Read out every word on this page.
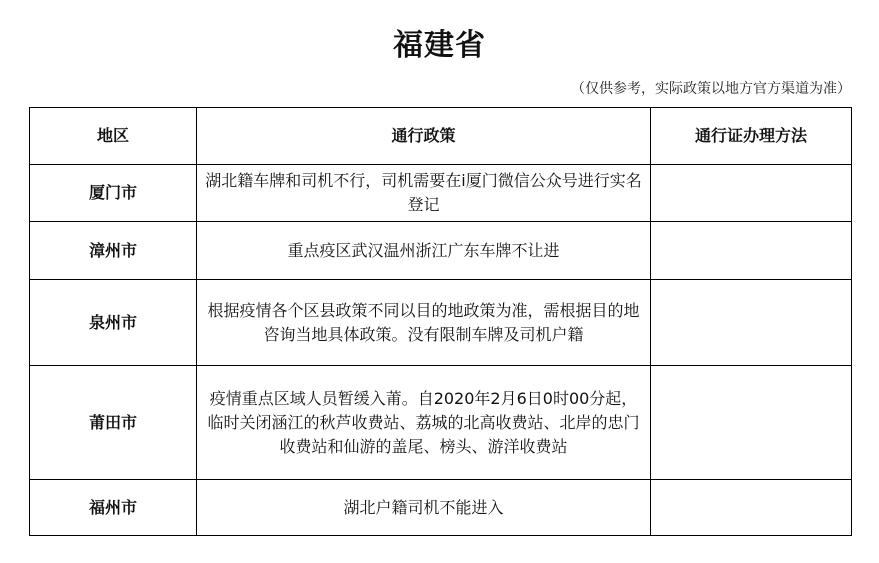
福建省
（仅供参考，实际政策以地方官方渠道为准）
地区	通行政策	通行证办理方法
厦门市	湖北籍车牌和司机不行，司机需要在i厦门微信公众号进行实名登记	
漳州市	重点疫区武汉温州浙江广东车牌不让进	
泉州市	根据疫情各个区县政策不同以目的地政策为准，需根据目的地咨询当地具体政策。没有限制车牌及司机户籍	
莆田市	疫情重点区域人员暂缓入莆。自2020年2月6日0时00分起，临时关闭涵江的秋芦收费站、荔城的北高收费站、北岸的忠门收费站和仙游的盖尾、榜头、游洋收费站	
福州市	湖北户籍司机不能进入	
